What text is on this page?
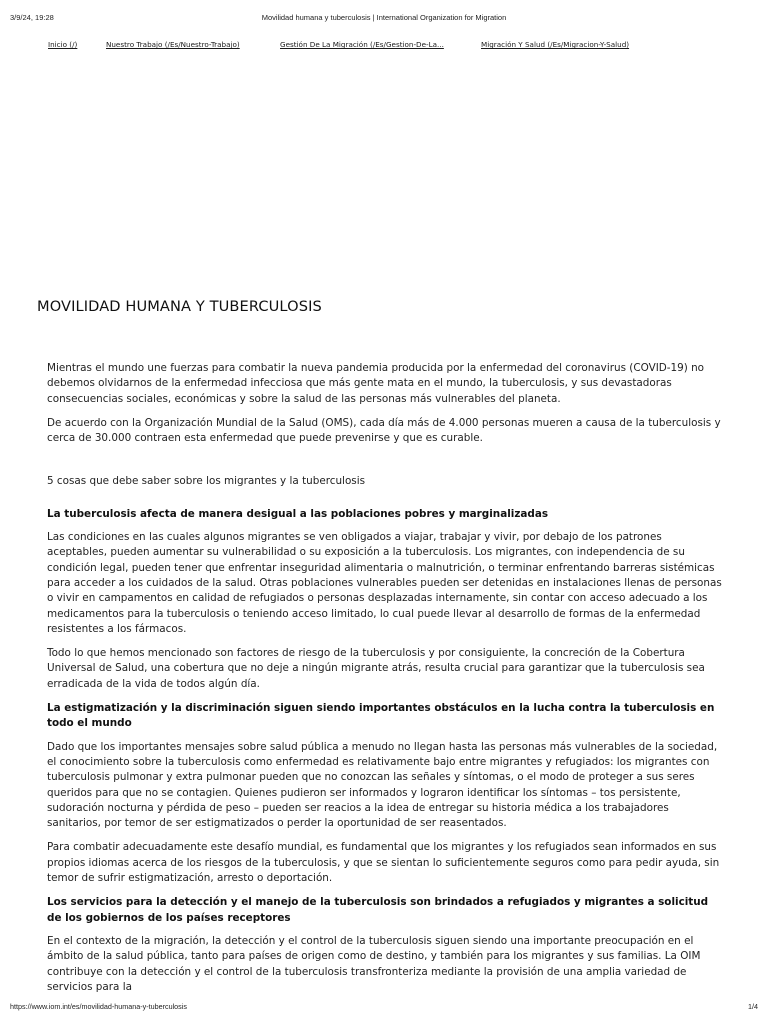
3/9/24, 19:28	Movilidad humana y tuberculosis | International Organization for Migration
Inicio (/)	Nuestro Trabajo (/Es/Nuestro-Trabajo)	Gestión De La Migración (/Es/Gestion-De-La...	Migración Y Salud (/Es/Migracion-Y-Salud)
MOVILIDAD HUMANA Y TUBERCULOSIS

Mientras el mundo une fuerzas para combatir la nueva pandemia producida por la enfermedad del coronavirus (COVID-19) no debemos olvidarnos de la enfermedad infecciosa que más gente mata en el mundo, la tuberculosis, y sus devastadoras consecuencias sociales, económicas y sobre la salud de las personas más vulnerables del planeta.

De acuerdo con la Organización Mundial de la Salud (OMS), cada día más de 4.000 personas mueren a causa de la tuberculosis y cerca de 30.000 contraen esta enfermedad que puede prevenirse y que es curable.

5 cosas que debe saber sobre los migrantes y la tuberculosis

La tuberculosis afecta de manera desigual a las poblaciones pobres y marginalizadas

Las condiciones en las cuales algunos migrantes se ven obligados a viajar, trabajar y vivir, por debajo de los patrones aceptables, pueden aumentar su vulnerabilidad o su exposición a la tuberculosis. Los migrantes, con independencia de su condición legal, pueden tener que enfrentar inseguridad alimentaria o malnutrición, o terminar enfrentando barreras sistémicas para acceder a los cuidados de la salud. Otras poblaciones vulnerables pueden ser detenidas en instalaciones llenas de personas o vivir en campamentos en calidad de refugiados o personas desplazadas internamente, sin contar con acceso adecuado a los medicamentos para la tuberculosis o teniendo acceso limitado, lo cual puede llevar al desarrollo de formas de la enfermedad resistentes a los fármacos.

Todo lo que hemos mencionado son factores de riesgo de la tuberculosis y por consiguiente, la concreción de la Cobertura Universal de Salud, una cobertura que no deje a ningún migrante atrás, resulta crucial para garantizar que la tuberculosis sea erradicada de la vida de todos algún día.

La estigmatización y la discriminación siguen siendo importantes obstáculos en la lucha contra la tuberculosis en todo el mundo

Dado que los importantes mensajes sobre salud pública a menudo no llegan hasta las personas más vulnerables de la sociedad, el conocimiento sobre la tuberculosis como enfermedad es relativamente bajo entre migrantes y refugiados: los migrantes con tuberculosis pulmonar y extra pulmonar pueden que no conozcan las señales y síntomas, o el modo de proteger a sus seres queridos para que no se contagien. Quienes pudieron ser informados y lograron identificar los síntomas – tos persistente, sudoración nocturna y pérdida de peso – pueden ser reacios a la idea de entregar su historia médica a los trabajadores sanitarios, por temor de ser estigmatizados o perder la oportunidad de ser reasentados.

Para combatir adecuadamente este desafío mundial, es fundamental que los migrantes y los refugiados sean informados en sus propios idiomas acerca de los riesgos de la tuberculosis, y que se sientan lo suficientemente seguros como para pedir ayuda, sin temor de sufrir estigmatización, arresto o deportación.

Los servicios para la detección y el manejo de la tuberculosis son brindados a refugiados y migrantes a solicitud de los gobiernos de los países receptores

En el contexto de la migración, la detección y el control de la tuberculosis siguen siendo una importante preocupación en el ámbito de la salud pública, tanto para países de origen como de destino, y también para los migrantes y sus familias. La OIM contribuye con la detección y el control de la tuberculosis transfronteriza mediante la provisión de una amplia variedad de servicios para la

https://www.iom.int/es/movilidad-humana-y-tuberculosis	1/4
